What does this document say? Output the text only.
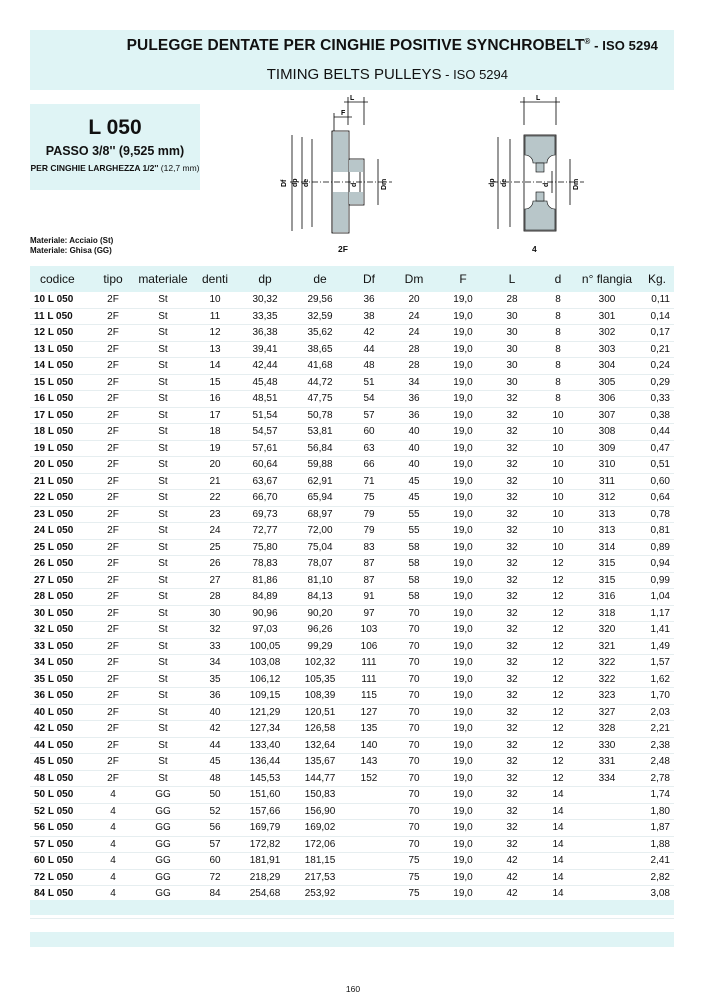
PULEGGE DENTATE PER CINGHIE POSITIVE SYNCHROBELT® - ISO 5294
TIMING BELTS PULLEYS - ISO 5294
L 050
PASSO 3/8'' (9,525 mm)
PER CINGHIE LARGHEZZA 1/2'' (12,7 mm)
Materiale: Acciaio (St)
Materiale: Ghisa (GG)
L
F
Df dp de	d	Dm
2F
L
dp de	d	Dm
4
codice	tipo	materiale	denti	dp	de	Df	Dm	F	L	d	n° flangia	Kg.
10 L 050	2F	St	10	30,32	29,56	36	20	19,0	28	8	300	0,11
11 L 050	2F	St	11	33,35	32,59	38	24	19,0	30	8	301	0,14
12 L 050	2F	St	12	36,38	35,62	42	24	19,0	30	8	302	0,17
13 L 050	2F	St	13	39,41	38,65	44	28	19,0	30	8	303	0,21
14 L 050	2F	St	14	42,44	41,68	48	28	19,0	30	8	304	0,24
15 L 050	2F	St	15	45,48	44,72	51	34	19,0	30	8	305	0,29
16 L 050	2F	St	16	48,51	47,75	54	36	19,0	32	8	306	0,33
17 L 050	2F	St	17	51,54	50,78	57	36	19,0	32	10	307	0,38
18 L 050	2F	St	18	54,57	53,81	60	40	19,0	32	10	308	0,44
19 L 050	2F	St	19	57,61	56,84	63	40	19,0	32	10	309	0,47
20 L 050	2F	St	20	60,64	59,88	66	40	19,0	32	10	310	0,51
21 L 050	2F	St	21	63,67	62,91	71	45	19,0	32	10	311	0,60
22 L 050	2F	St	22	66,70	65,94	75	45	19,0	32	10	312	0,64
23 L 050	2F	St	23	69,73	68,97	79	55	19,0	32	10	313	0,78
24 L 050	2F	St	24	72,77	72,00	79	55	19,0	32	10	313	0,81
25 L 050	2F	St	25	75,80	75,04	83	58	19,0	32	10	314	0,89
26 L 050	2F	St	26	78,83	78,07	87	58	19,0	32	12	315	0,94
27 L 050	2F	St	27	81,86	81,10	87	58	19,0	32	12	315	0,99
28 L 050	2F	St	28	84,89	84,13	91	58	19,0	32	12	316	1,04
30 L 050	2F	St	30	90,96	90,20	97	70	19,0	32	12	318	1,17
32 L 050	2F	St	32	97,03	96,26	103	70	19,0	32	12	320	1,41
33 L 050	2F	St	33	100,05	99,29	106	70	19,0	32	12	321	1,49
34 L 050	2F	St	34	103,08	102,32	111	70	19,0	32	12	322	1,57
35 L 050	2F	St	35	106,12	105,35	111	70	19,0	32	12	322	1,62
36 L 050	2F	St	36	109,15	108,39	115	70	19,0	32	12	323	1,70
40 L 050	2F	St	40	121,29	120,51	127	70	19,0	32	12	327	2,03
42 L 050	2F	St	42	127,34	126,58	135	70	19,0	32	12	328	2,21
44 L 050	2F	St	44	133,40	132,64	140	70	19,0	32	12	330	2,38
45 L 050	2F	St	45	136,44	135,67	143	70	19,0	32	12	331	2,48
48 L 050	2F	St	48	145,53	144,77	152	70	19,0	32	12	334	2,78
50 L 050	4	GG	50	151,60	150,83		70	19,0	32	14		1,74
52 L 050	4	GG	52	157,66	156,90		70	19,0	32	14		1,80
56 L 050	4	GG	56	169,79	169,02		70	19,0	32	14		1,87
57 L 050	4	GG	57	172,82	172,06		70	19,0	32	14		1,88
60 L 050	4	GG	60	181,91	181,15		75	19,0	42	14		2,41
72 L 050	4	GG	72	218,29	217,53		75	19,0	42	14		2,82
84 L 050	4	GG	84	254,68	253,92		75	19,0	42	14		3,08

160
